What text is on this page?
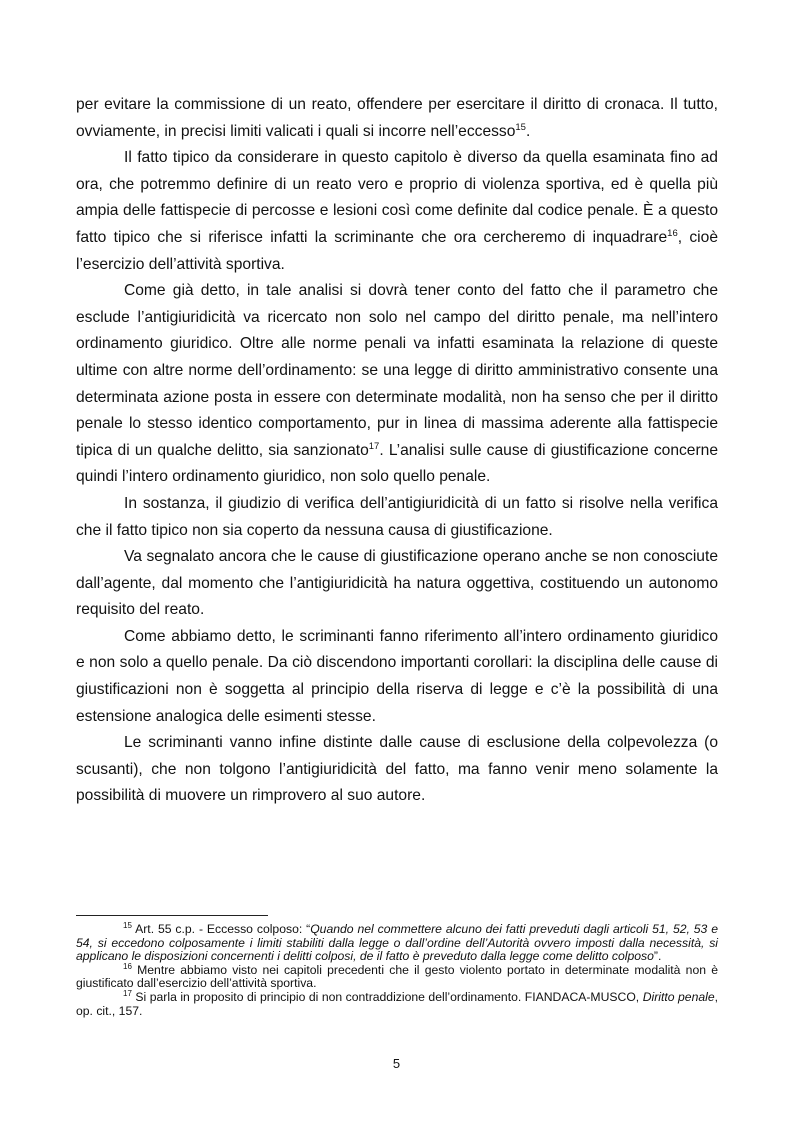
per evitare la commissione di un reato, offendere per esercitare il diritto di cronaca. Il tutto, ovviamente, in precisi limiti valicati i quali si incorre nell’eccesso$^{15}$.

Il fatto tipico da considerare in questo capitolo è diverso da quella esaminata fino ad ora, che potremmo definire di un reato vero e proprio di violenza sportiva, ed è quella più ampia delle fattispecie di percosse e lesioni così come definite dal codice penale. È a questo fatto tipico che si riferisce infatti la scriminante che ora cercheremo di inquadrare$^{16}$, cioè l’esercizio dell’attività sportiva.

Come già detto, in tale analisi si dovrà tener conto del fatto che il parametro che esclude l’antigiuridicità va ricercato non solo nel campo del diritto penale, ma nell’intero ordinamento giuridico. Oltre alle norme penali va infatti esaminata la relazione di queste ultime con altre norme dell’ordinamento: se una legge di diritto amministrativo consente una determinata azione posta in essere con determinate modalità, non ha senso che per il diritto penale lo stesso identico comportamento, pur in linea di massima aderente alla fattispecie tipica di un qualche delitto, sia sanzionato$^{17}$. L’analisi sulle cause di giustificazione concerne quindi l’intero ordinamento giuridico, non solo quello penale.

In sostanza, il giudizio di verifica dell’antigiuridicità di un fatto si risolve nella verifica che il fatto tipico non sia coperto da nessuna causa di giustificazione.

Va segnalato ancora che le cause di giustificazione operano anche se non conosciute dall’agente, dal momento che l’antigiuridicità ha natura oggettiva, costituendo un autonomo requisito del reato.

Come abbiamo detto, le scriminanti fanno riferimento all’intero ordinamento giuridico e non solo a quello penale. Da ciò discendono importanti corollari: la disciplina delle cause di giustificazioni non è soggetta al principio della riserva di legge e c’è la possibilità di una estensione analogica delle esimenti stesse.

Le scriminanti vanno infine distinte dalle cause di esclusione della colpevolezza (o scusanti), che non tolgono l’antigiuridicità del fatto, ma fanno venir meno solamente la possibilità di muovere un rimprovero al suo autore.

$^{15}$ Art. 55 c.p. - Eccesso colposo: “Quando nel commettere alcuno dei fatti preveduti dagli articoli 51, 52, 53 e 54, si eccedono colposamente i limiti stabiliti dalla legge o dall’ordine dell’Autorità ovvero imposti dalla necessità, si applicano le disposizioni concernenti i delitti colposi, de il fatto è preveduto dalla legge come delitto colposo”.

$^{16}$ Mentre abbiamo visto nei capitoli precedenti che il gesto violento portato in determinate modalità non è giustificato dall’esercizio dell’attività sportiva.

$^{17}$ Si parla in proposito di principio di non contraddizione dell’ordinamento. FIANDACA-MUSCO, Diritto penale, op. cit., 157.

5
